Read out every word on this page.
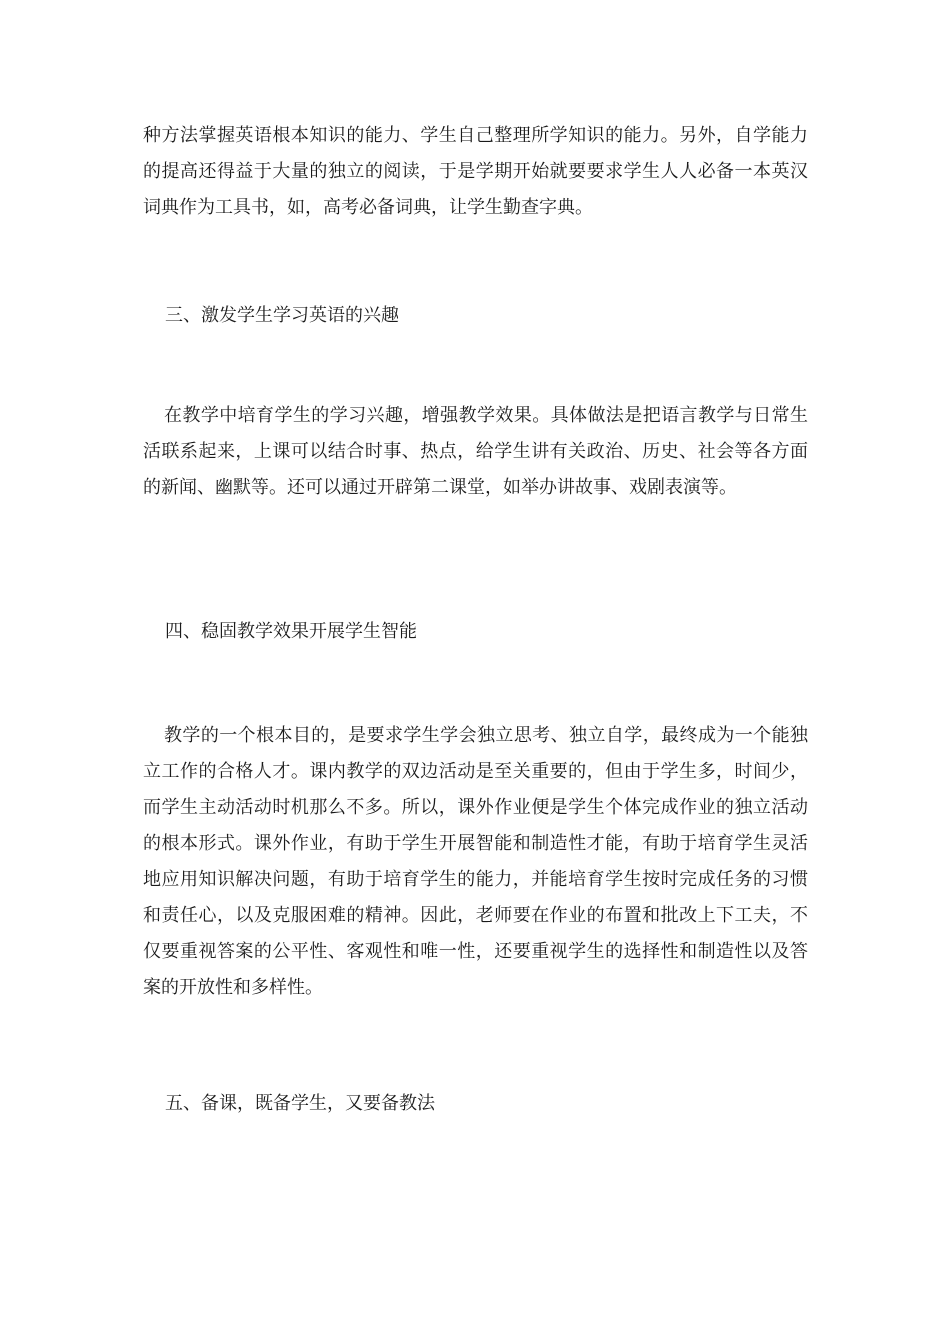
种方法掌握英语根本知识的能力、学生自己整理所学知识的能力。另外，自学能力的提高还得益于大量的独立的阅读，于是学期开始就要要求学生人人必备一本英汉词典作为工具书，如，高考必备词典，让学生勤查字典。

三、激发学生学习英语的兴趣

在教学中培育学生的学习兴趣，增强教学效果。具体做法是把语言教学与日常生活联系起来，上课可以结合时事、热点，给学生讲有关政治、历史、社会等各方面的新闻、幽默等。还可以通过开辟第二课堂，如举办讲故事、戏剧表演等。

四、稳固教学效果开展学生智能

教学的一个根本目的，是要求学生学会独立思考、独立自学，最终成为一个能独立工作的合格人才。课内教学的双边活动是至关重要的，但由于学生多，时间少，而学生主动活动时机那么不多。所以，课外作业便是学生个体完成作业的独立活动的根本形式。课外作业，有助于学生开展智能和制造性才能，有助于培育学生灵活地应用知识解决问题，有助于培育学生的能力，并能培育学生按时完成任务的习惯和责任心，以及克服困难的精神。因此，老师要在作业的布置和批改上下工夫，不仅要重视答案的公平性、客观性和唯一性，还要重视学生的选择性和制造性以及答案的开放性和多样性。

五、备课，既备学生，又要备教法
